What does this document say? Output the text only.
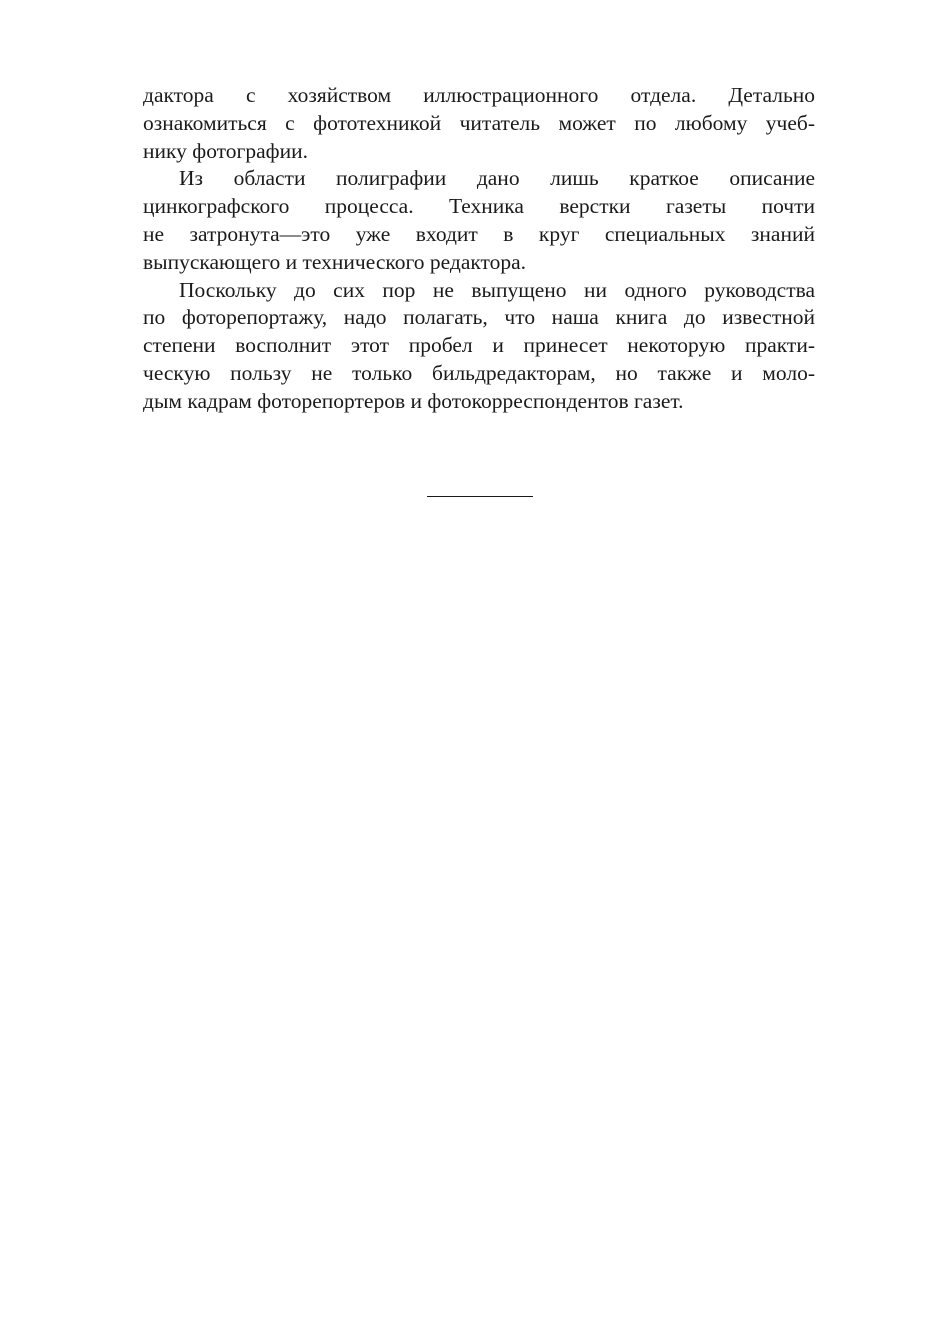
дактора с хозяйством иллюстрационного отдела. Детально
ознакомиться с фототехникой читатель может по любому учеб-
нику фотографии.

Из области полиграфии дано лишь краткое описание
цинкографского процесса. Техника верстки газеты почти
не затронута—это уже входит в круг специальных знаний
выпускающего и технического редактора.

Поскольку до сих пор не выпущено ни одного руководства
по фоторепортажу, надо полагать, что наша книга до известной
степени восполнит этот пробел и принесет некоторую практи-
ческую пользу не только бильдредакторам, но также и моло-
дым кадрам фоторепортеров и фотокорреспондентов газет.
